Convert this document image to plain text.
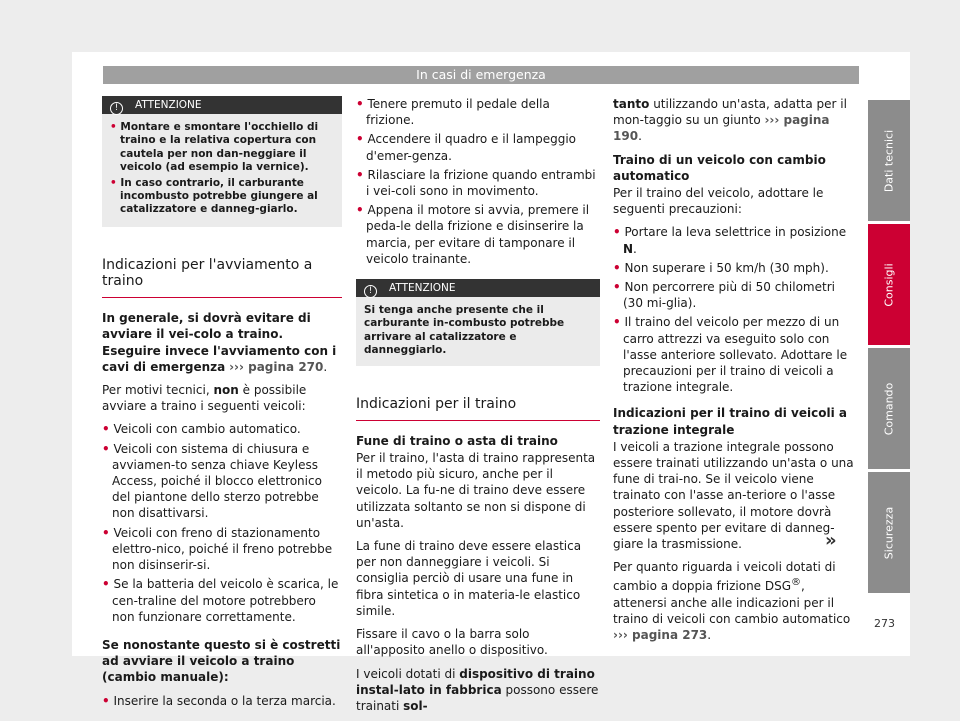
In casi di emergenza
! ATTENZIONE

• Montare e smontare l'occhiello di traino e la relativa copertura con cautela per non dan-neggiare il veicolo (ad esempio la vernice).

• In caso contrario, il carburante incombusto potrebbe giungere al catalizzatore e danneg-giarlo.

Indicazioni per l'avviamento a traino

In generale, si dovrà evitare di avviare il vei-colo a traino. Eseguire invece l'avviamento con i cavi di emergenza ››› pagina 270.

Per motivi tecnici, non è possibile avviare a traino i seguenti veicoli:

• Veicoli con cambio automatico.

• Veicoli con sistema di chiusura e avviamen-to senza chiave Keyless Access, poiché il blocco elettronico del piantone dello sterzo potrebbe non disattivarsi.

• Veicoli con freno di stazionamento elettro-nico, poiché il freno potrebbe non disinserir-si.

• Se la batteria del veicolo è scarica, le cen-traline del motore potrebbero non funzionare correttamente.

Se nonostante questo si è costretti ad avviare il veicolo a traino (cambio manuale):

• Inserire la seconda o la terza marcia.

• Tenere premuto il pedale della frizione.

• Accendere il quadro e il lampeggio d'emer-genza.

• Rilasciare la frizione quando entrambi i vei-coli sono in movimento.

• Appena il motore si avvia, premere il peda-le della frizione e disinserire la marcia, per evitare di tamponare il veicolo trainante.

! ATTENZIONE
Si tenga anche presente che il carburante in-combusto potrebbe arrivare al catalizzatore e danneggiarlo.
Indicazioni per il traino

Fune di traino o asta di traino

Per il traino, l'asta di traino rappresenta il metodo più sicuro, anche per il veicolo. La fu-ne di traino deve essere utilizzata soltanto se non si dispone di un'asta.

La fune di traino deve essere elastica per non danneggiare i veicoli. Si consiglia perciò di usare una fune in fibra sintetica o in materia-le elastico simile.

Fissare il cavo o la barra solo all'apposito anello o dispositivo.

I veicoli dotati di dispositivo di traino instal-lato in fabbrica possono essere trainati sol-

tanto utilizzando un'asta, adatta per il mon-taggio su un giunto ››› pagina 190.

Traino di un veicolo con cambio automatico

Per il traino del veicolo, adottare le seguenti precauzioni:

• Portare la leva selettrice in posizione N.

• Non superare i 50 km/h (30 mph).

• Non percorrere più di 50 chilometri (30 mi-glia).

• Il traino del veicolo per mezzo di un carro attrezzi va eseguito solo con l'asse anteriore sollevato. Adottare le precauzioni per il traino di veicoli a trazione integrale.

Indicazioni per il traino di veicoli a trazione integrale

I veicoli a trazione integrale possono essere trainati utilizzando un'asta o una fune di trai-no. Se il veicolo viene trainato con l'asse an-teriore o l'asse posteriore sollevato, il motore dovrà essere spento per evitare di danneg-giare la trasmissione.

Per quanto riguarda i veicoli dotati di cambio a doppia frizione DSG®, attenersi anche alle indicazioni per il traino di veicoli con cambio automatico ››› pagina 273.

»
Dati tecnici
Consigli
Comando
Sicurezza
273
